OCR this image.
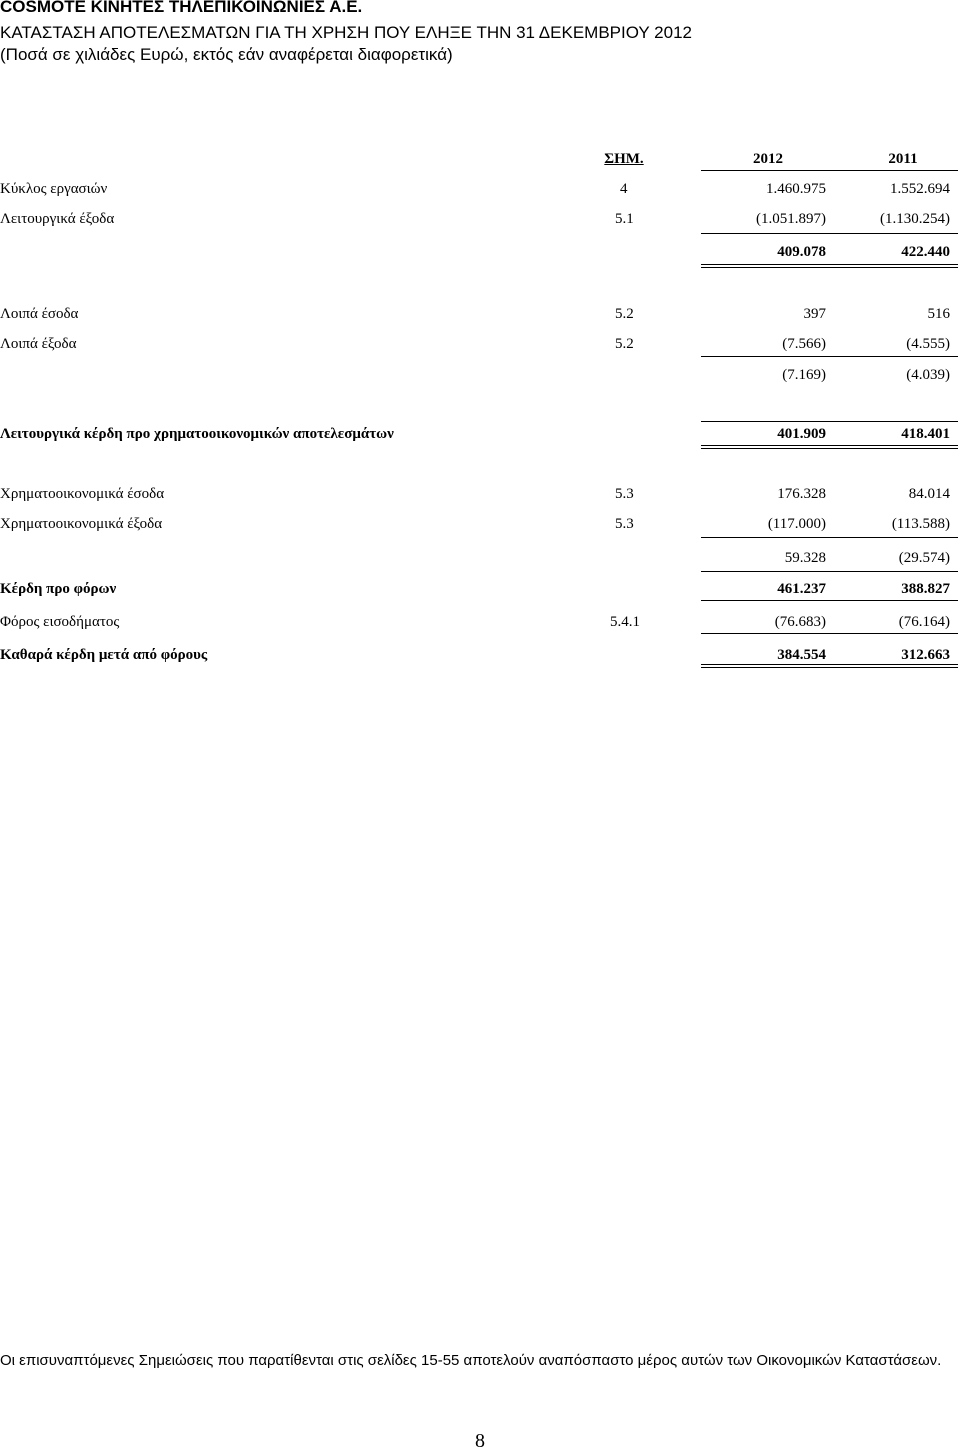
COSMOTE ΚΙΝΗΤΕΣ ΤΗΛΕΠΙΚΟΙΝΩΝΙΕΣ Α.Ε.
ΚΑΤΑΣΤΑΣΗ ΑΠΟΤΕΛΕΣΜΑΤΩΝ ΓΙΑ ΤΗ ΧΡΗΣΗ ΠΟΥ ΕΛΗΞΕ ΤΗΝ 31 ΔΕΚΕΜΒΡΙΟΥ 2012
(Ποσά σε χιλιάδες Ευρώ, εκτός εάν αναφέρεται διαφορετικά)
ΣΗΜ.	2012	2011
Κύκλος εργασιών	4	1.460.975	1.552.694
Λειτουργικά έξοδα	5.1	(1.051.897)	(1.130.254)
409.078	422.440
Λοιπά έσοδα	5.2	397	516
Λοιπά έξοδα	5.2	(7.566)	(4.555)
(7.169)	(4.039)
Λειτουργικά κέρδη προ χρηματοοικονομικών αποτελεσμάτων	401.909	418.401
Χρηματοοικονομικά έσοδα	5.3	176.328	84.014
Χρηματοοικονομικά έξοδα	5.3	(117.000)	(113.588)
59.328	(29.574)
Κέρδη προ φόρων	461.237	388.827
Φόρος εισοδήματος	5.4.1	(76.683)	(76.164)
Καθαρά κέρδη μετά από φόρους	384.554	312.663
Οι επισυναπτόμενες Σημειώσεις που παρατίθενται στις σελίδες 15-55 αποτελούν αναπόσπαστο μέρος αυτών των Οικονομικών Καταστάσεων.
8
